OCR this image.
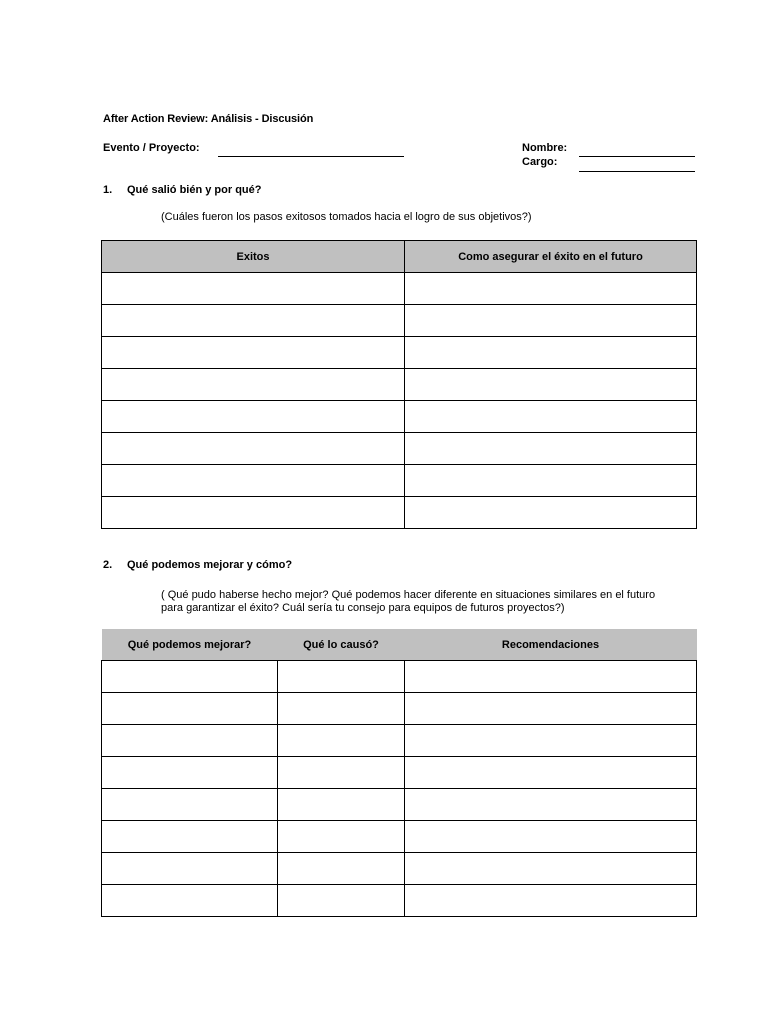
After Action Review: Análisis - Discusión
Evento / Proyecto:	Nombre:
Cargo:
1. Qué salió bién y por qué?
(Cuáles fueron los pasos exitosos tomados hacia el logro de sus objetivos?)
Exitos	Como asegurar el éxito en el futuro

2. Qué podemos mejorar y cómo?
( Qué pudo haberse hecho mejor? Qué podemos hacer diferente en situaciones similares en el futuro
para garantizar el éxito? Cuál sería tu consejo para equipos de futuros proyectos?)
Qué podemos mejorar?	Qué lo causó?	Recomendaciones
